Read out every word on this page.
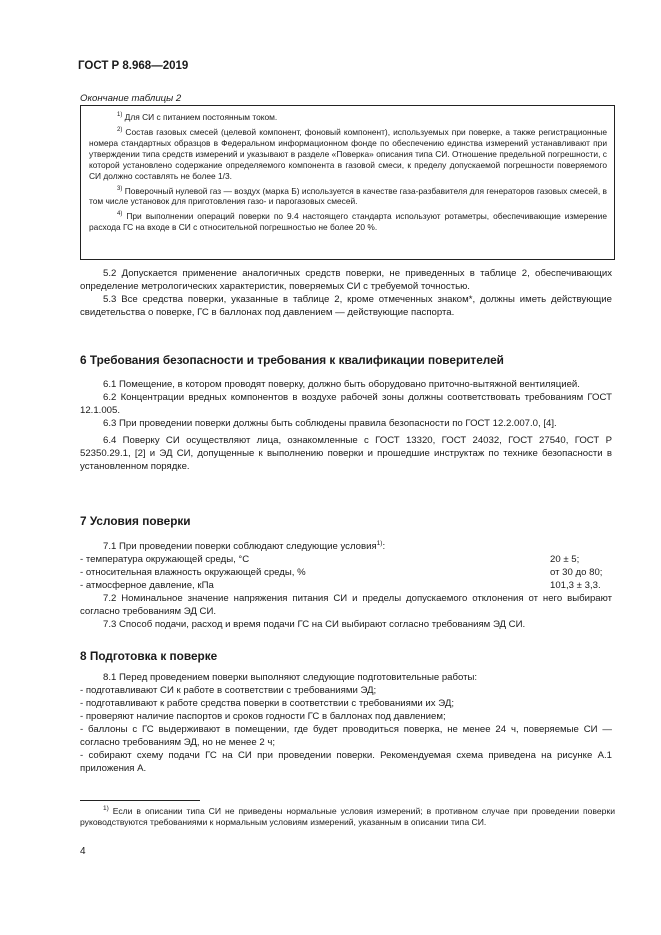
ГОСТ Р 8.968—2019
Окончание таблицы 2

$^{1)}$ Для СИ с питанием постоянным током.

$^{2)}$ Состав газовых смесей (целевой компонент, фоновый компонент), используемых при поверке, а также регистрационные номера стандартных образцов в Федеральном информационном фонде по обеспечению единства измерений устанавливают при утверждении типа средств измерений и указывают в разделе «Поверка» описания типа СИ. Отношение предельной погрешности, с которой установлено содержание определяемого компонента в газовой смеси, к пределу допускаемой погрешности поверяемого СИ должно составлять не более 1/3.

$^{3)}$ Поверочный нулевой газ — воздух (марка Б) используется в качестве газа-разбавителя для генераторов газовых смесей, в том числе установок для приготовления газо- и парогазовых смесей.

$^{4)}$ При выполнении операций поверки по 9.4 настоящего стандарта используют ротаметры, обеспечивающие измерение расхода ГС на входе в СИ с относительной погрешностью не более 20 %.

5.2 Допускается применение аналогичных средств поверки, не приведенных в таблице 2, обеспечивающих определение метрологических характеристик, поверяемых СИ с требуемой точностью.

5.3 Все средства поверки, указанные в таблице 2, кроме отмеченных знаком*, должны иметь действующие свидетельства о поверке, ГС в баллонах под давлением — действующие паспорта.

6 Требования безопасности и требования к квалификации поверителей

6.1 Помещение, в котором проводят поверку, должно быть оборудовано приточно-вытяжной вентиляцией.

6.2 Концентрации вредных компонентов в воздухе рабочей зоны должны соответствовать требованиям ГОСТ 12.1.005.

6.3 При проведении поверки должны быть соблюдены правила безопасности по ГОСТ 12.2.007.0, [4].

6.4 Поверку СИ осуществляют лица, ознакомленные с ГОСТ 13320, ГОСТ 24032, ГОСТ 27540, ГОСТ Р 52350.29.1, [2] и ЭД СИ, допущенные к выполнению поверки и прошедшие инструктаж по технике безопасности в установленном порядке.

7 Условия поверки

7.1 При проведении поверки соблюдают следующие условия$^{1)}$:

- температура окружающей среды, °С	20 ± 5;
- относительная влажность окружающей среды, %	от 30 до 80;
- атмосферное давление, кПа	101,3 ± 3,3.

7.2 Номинальное значение напряжения питания СИ и пределы допускаемого отклонения от него выбирают согласно требованиям ЭД СИ.

7.3 Способ подачи, расход и время подачи ГС на СИ выбирают согласно требованиям ЭД СИ.

8 Подготовка к поверке

8.1 Перед проведением поверки выполняют следующие подготовительные работы:

- подготавливают СИ к работе в соответствии с требованиями ЭД;

- подготавливают к работе средства поверки в соответствии с требованиями их ЭД;

- проверяют наличие паспортов и сроков годности ГС в баллонах под давлением;

- баллоны с ГС выдерживают в помещении, где будет проводиться поверка, не менее 24 ч, поверяемые СИ — согласно требованиям ЭД, но не менее 2 ч;

- собирают схему подачи ГС на СИ при проведении поверки. Рекомендуемая схема приведена на рисунке А.1 приложения А.

$^{1)}$ Если в описании типа СИ не приведены нормальные условия измерений; в противном случае при проведении поверки руководствуются требованиями к нормальным условиям измерений, указанным в описании типа СИ.
4
